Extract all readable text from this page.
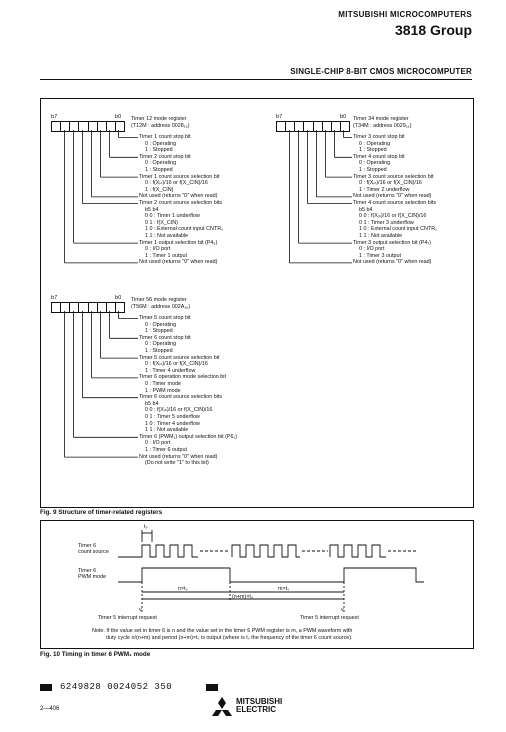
MITSUBISHI MICROCOMPUTERS
3818 Group
SINGLE-CHIP 8-BIT CMOS MICROCOMPUTER
b7	b0 Timer 12 mode register
(T12M : address 0028₁₆)
Timer 1 count stop bit
0 : Operating
1 : Stopped
Timer 2 count stop bit
0 : Operating
1 : Stopped
Timer 1 count source selection bit
0 : f(Xᵢₙ)/16 or f(X_CIN)/16
1 : f(X_CIN)
Not used (returns "0" when read)
Timer 2 count source selection bits
b5 b4
0 0 : Timer 1 underflow
0 1 : f(X_CIN)
1 0 : External count input CNTR₀
1 1 : Not available
Timer 1 output selection bit (P4₆)
0 : I/O port
1 : Timer 1 output
Not used (returns "0" when read)
b7	b0 Timer 34 mode register
(T34M : address 0029₁₆)
Timer 3 count stop bit
0 : Operating
1 : Stopped
Timer 4 count stop bit
0 : Operating
1 : Stopped
Timer 3 count source selection bit
0 : f(Xᵢₙ)/16 or f(X_CIN)/16
1 : Timer 2 underflow
Not used (returns "0" when read)
Timer 4 count source selection bits
b5 b4
0 0 : f(Xᵢₙ)/16 or f(X_CIN)/16
0 1 : Timer 3 underflow
1 0 : External count input CNTR₁
1 1 : Not available
Timer 3 output selection bit (P4₇)
0 : I/O port
1 : Timer 3 output
Not used (returns "0" when read)
b7	b0 Timer 56 mode register
(T56M : address 002A₁₆)
Timer 5 count stop bit
0 : Operating
1 : Stopped
Timer 6 count stop bit
0 : Operating
1 : Stopped
Timer 5 count source selection bit
0 : f(Xᵢₙ)/16 or f(X_CIN)/16
1 : Timer 4 underflow
Timer 6 operation mode selection bit
0 : Timer mode
1 : PWM mode
Timer 6 count source selection bits
b5 b4
0 0 : f(Xᵢₙ)/16 or f(X_CIN)/16
0 1 : Timer 5 underflow
1 0 : Timer 4 underflow
1 1 : Not available
Timer 6 (PWM₁) output selection bit (P6₁)
0 : I/O port
1 : Timer 6 output
Not used (returns "0" when read)
(Do not write "1" to this bit)
Fig. 9 Structure of timer-related registers
tₛ
Timer 6
count source
Timer 6
PWM mode
n×tₛ	m×tₛ
(n+m)×tₛ
v	v
Timer 5 interrupt request	Timer 5 interrupt request
Note. If the value set in timer 6 is n and the value set in the timer 6 PWM register is m, a PWM waveform with
duty cycle n/(n+m) and period (n+m)×tₛ is output (where is tₛ the frequency of the timer 6 count source).
Fig. 10 Timing in timer 6 PWM₁ mode
6249828 0024052 350
2—406
MITSUBISHI
ELECTRIC
